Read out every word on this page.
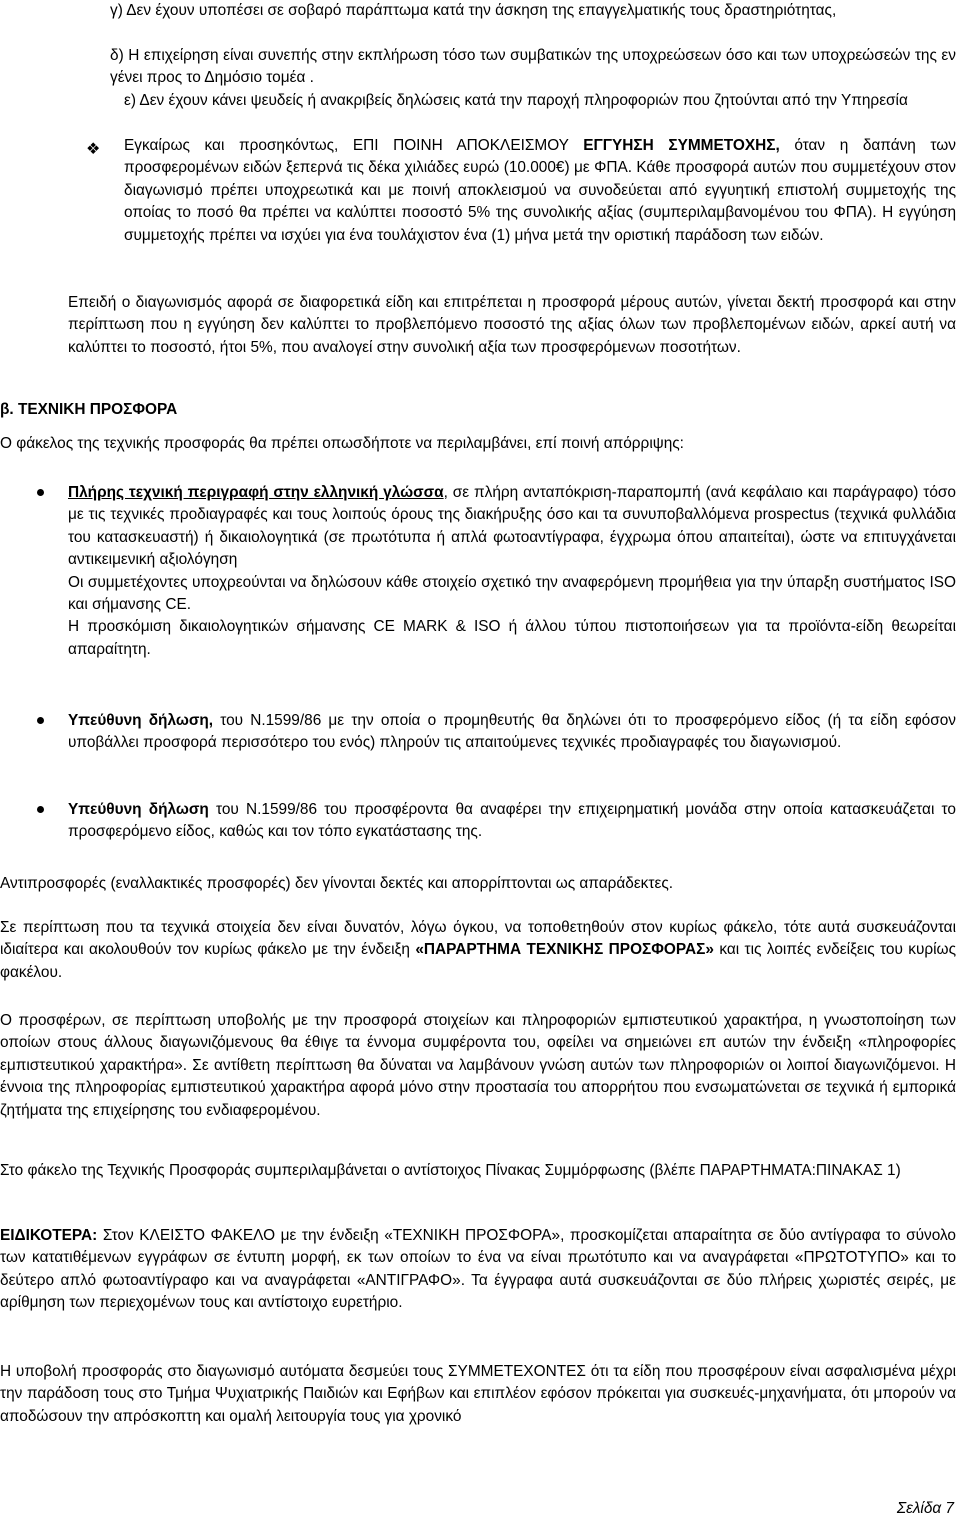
γ) Δεν έχουν υποπέσει σε σοβαρό παράπτωμα κατά την άσκηση της επαγγελματικής τους δραστηριότητας,

δ) Η επιχείρηση είναι συνεπής στην εκπλήρωση τόσο των συμβατικών της υποχρεώσεων όσο και των υποχρεώσεών της εν γένει προς το Δημόσιο τομέα .

ε) Δεν έχουν κάνει ψευδείς ή ανακριβείς δηλώσεις κατά την παροχή πληροφοριών που ζητούνται από την Υπηρεσία

❖ Εγκαίρως και προσηκόντως, ΕΠΙ ΠΟΙΝΗ ΑΠΟΚΛΕΙΣΜΟΥ ΕΓΓΥΗΣΗ ΣΥΜΜΕΤΟΧΗΣ, όταν η δαπάνη των προσφερομένων ειδών ξεπερνά τις δέκα χιλιάδες ευρώ (10.000€) με ΦΠΑ. Κάθε προσφορά αυτών που συμμετέχουν στον διαγωνισμό πρέπει υποχρεωτικά και με ποινή αποκλεισμού να συνοδεύεται από εγγυητική επιστολή συμμετοχής της οποίας το ποσό θα πρέπει να καλύπτει ποσοστό 5% της συνολικής αξίας (συμπεριλαμβανομένου του ΦΠΑ). Η εγγύηση συμμετοχής πρέπει να ισχύει για ένα τουλάχιστον ένα (1) μήνα μετά την οριστική παράδοση των ειδών.

Επειδή ο διαγωνισμός αφορά σε διαφορετικά είδη και επιτρέπεται η προσφορά μέρους αυτών, γίνεται δεκτή προσφορά και στην περίπτωση που η εγγύηση δεν καλύπτει το προβλεπόμενο ποσοστό της αξίας όλων των προβλεπομένων ειδών, αρκεί αυτή να καλύπτει το ποσοστό, ήτοι 5%, που αναλογεί στην συνολική αξία των προσφερόμενων ποσοτήτων.

β. ΤΕΧΝΙΚΗ ΠΡΟΣΦΟΡΑ

Ο φάκελος της τεχνικής προσφοράς θα πρέπει οπωσδήποτε να περιλαμβάνει, επί ποινή απόρριψης:

Πλήρης τεχνική περιγραφή στην ελληνική γλώσσα, σε πλήρη ανταπόκριση-παραπομπή (ανά κεφάλαιο και παράγραφο) τόσο με τις τεχνικές προδιαγραφές και τους λοιπούς όρους της διακήρυξης όσο και τα συνυποβαλλόμενα prospectus (τεχνικά φυλλάδια του κατασκευαστή) ή δικαιολογητικά (σε πρωτότυπα ή απλά φωτοαντίγραφα, έγχρωμα όπου απαιτείται), ώστε να επιτυγχάνεται αντικειμενική αξιολόγηση
Οι συμμετέχοντες υποχρεούνται να δηλώσουν κάθε στοιχείο σχετικό την αναφερόμενη προμήθεια για την ύπαρξη συστήματος ISO και σήμανσης CE.
Η προσκόμιση δικαιολογητικών σήμανσης CE MARK & ISO ή άλλου τύπου πιστοποιήσεων για τα προϊόντα-είδη θεωρείται απαραίτητη.

Υπεύθυνη δήλωση, του Ν.1599/86 με την οποία ο προμηθευτής θα δηλώνει ότι το προσφερόμενο είδος (ή τα είδη εφόσον υποβάλλει προσφορά περισσότερο του ενός) πληρούν τις απαιτούμενες τεχνικές προδιαγραφές του διαγωνισμού.

Υπεύθυνη δήλωση του Ν.1599/86 του προσφέροντα θα αναφέρει την επιχειρηματική μονάδα στην οποία κατασκευάζεται το προσφερόμενο είδος, καθώς και τον τόπο εγκατάστασης της.

Αντιπροσφορές (εναλλακτικές προσφορές) δεν γίνονται δεκτές και απορρίπτονται ως απαράδεκτες.

Σε περίπτωση που τα τεχνικά στοιχεία δεν είναι δυνατόν, λόγω όγκου, να τοποθετηθούν στον κυρίως φάκελο, τότε αυτά συσκευάζονται ιδιαίτερα και ακολουθούν τον κυρίως φάκελο με την ένδειξη «ΠΑΡΑΡΤΗΜΑ ΤΕΧΝΙΚΗΣ ΠΡΟΣΦΟΡΑΣ» και τις λοιπές ενδείξεις του κυρίως φακέλου.

Ο προσφέρων, σε περίπτωση υποβολής με την προσφορά στοιχείων και πληροφοριών εμπιστευτικού χαρακτήρα, η γνωστοποίηση των οποίων στους άλλους διαγωνιζόμενους θα έθιγε τα έννομα συμφέροντα του, οφείλει να σημειώνει επ αυτών την ένδειξη «πληροφορίες εμπιστευτικού χαρακτήρα». Σε αντίθετη περίπτωση θα δύναται να λαμβάνουν γνώση αυτών των πληροφοριών οι λοιποί διαγωνιζόμενοι. Η έννοια της πληροφορίας εμπιστευτικού χαρακτήρα αφορά μόνο στην προστασία του απορρήτου που ενσωματώνεται σε τεχνικά ή εμπορικά ζητήματα της επιχείρησης του ενδιαφερομένου.

Στο φάκελο της Τεχνικής Προσφοράς συμπεριλαμβάνεται ο αντίστοιχος Πίνακας Συμμόρφωσης (βλέπε ΠΑΡΑΡΤΗΜΑΤΑ:ΠΙΝΑΚΑΣ 1)

ΕΙΔΙΚΟΤΕΡΑ: Στον ΚΛΕΙΣΤΟ ΦΑΚΕΛΟ με την ένδειξη «ΤΕΧΝΙΚΗ ΠΡΟΣΦΟΡΑ», προσκομίζεται απαραίτητα σε δύο αντίγραφα το σύνολο των κατατιθέμενων εγγράφων σε έντυπη μορφή, εκ των οποίων το ένα να είναι πρωτότυπο και να αναγράφεται «ΠΡΩΤΟΤΥΠΟ» και το δεύτερο απλό φωτοαντίγραφο και να αναγράφεται «ΑΝΤΙΓΡΑΦΟ». Τα έγγραφα αυτά συσκευάζονται σε δύο πλήρεις χωριστές σειρές, με αρίθμηση των περιεχομένων τους και αντίστοιχο ευρετήριο.

Η υποβολή προσφοράς στο διαγωνισμό αυτόματα δεσμεύει τους ΣΥΜΜΕΤΕΧΟΝΤΕΣ ότι τα είδη που προσφέρουν είναι ασφαλισμένα μέχρι την παράδοση τους στο Τμήμα Ψυχιατρικής Παιδιών και Εφήβων και επιπλέον εφόσον πρόκειται για συσκευές-μηχανήματα, ότι μπορούν να αποδώσουν την απρόσκοπτη και ομαλή λειτουργία τους για χρονικό

Σελίδα 7
